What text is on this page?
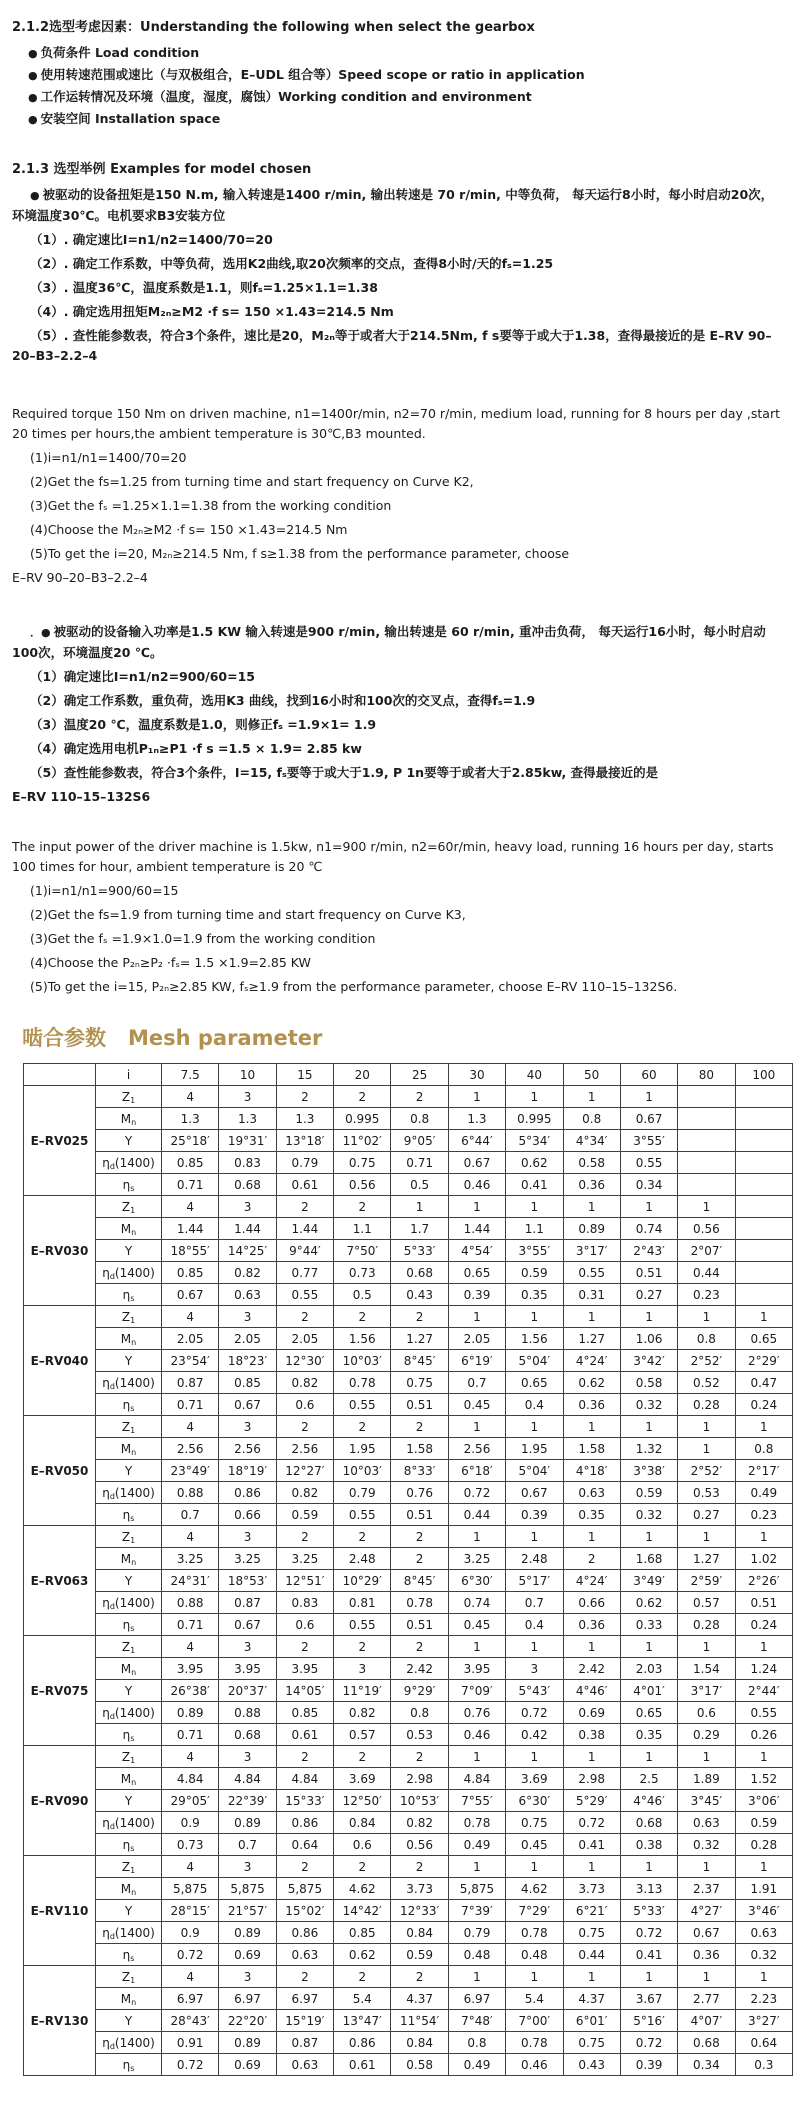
2.1.2选型考虑因素：Understanding the following when select the gearbox

● 负荷条件 Load condition

● 使用转速范围或速比（与双极组合，E–UDL 组合等）Speed scope or ratio in application

● 工作运转情况及环境（温度，湿度，腐蚀）Working condition and environment

● 安装空间 Installation space

2.1.3 选型举例 Examples for model chosen

● 被驱动的设备扭矩是150 N.m, 输入转速是1400 r/min, 输出转速是 70 r/min, 中等负荷， 每天运行8小时，每小时启动20次，环境温度30℃。电机要求B3安装方位

（1）. 确定速比I=n1/n2=1400/70=20

（2）. 确定工作系数，中等负荷，选用K2曲线,取20次频率的交点，查得8小时/天的fₛ=1.25

（3）. 温度36℃，温度系数是1.1，则fₛ=1.25×1.1=1.38

（4）. 确定选用扭矩M₂ₙ≥M2 ·f s= 150 ×1.43=214.5 Nm

（5）. 查性能参数表，符合3个条件，速比是20，M₂ₙ等于或者大于214.5Nm, f s要等于或大于1.38，查得最接近的是 E–RV 90–20–B3–2.2–4

Required torque 150 Nm on driven machine, n1=1400r/min, n2=70 r/min, medium load, running for 8 hours per day ,start 20 times per hours,the ambient temperature is 30℃,B3 mounted.

(1)i=n1/n1=1400/70=20

(2)Get the fs=1.25 from turning time and start frequency on Curve K2,

(3)Get the fₛ =1.25×1.1=1.38 from the working condition

(4)Choose the M₂ₙ≥M2 ·f s= 150 ×1.43=214.5 Nm

(5)To get the i=20, M₂ₙ≥214.5 Nm, f s≥1.38 from the performance parameter, choose

E–RV 90–20–B3–2.2–4

．● 被驱动的设备输入功率是1.5 KW 输入转速是900 r/min, 输出转速是 60 r/min, 重冲击负荷， 每天运行16小时，每小时启动100次，环境温度20 ℃。

（1）确定速比I=n1/n2=900/60=15

（2）确定工作系数，重负荷，选用K3 曲线，找到16小时和100次的交叉点，查得fₛ=1.9

（3）温度20 ℃，温度系数是1.0，则修正fₛ =1.9×1= 1.9

（4）确定选用电机P₁ₙ≥P1 ·f s =1.5 × 1.9= 2.85 kw

（5）查性能参数表，符合3个条件，I=15, fₛ要等于或大于1.9, P 1n要等于或者大于2.85kw, 查得最接近的是

E–RV 110–15–132S6

The input power of the driver machine is 1.5kw, n1=900 r/min, n2=60r/min, heavy load, running 16 hours per day, starts 100 times for hour, ambient temperature is 20 ℃

(1)i=n1/n1=900/60=15

(2)Get the fs=1.9 from turning time and start frequency on Curve K3,

(3)Get the fₛ =1.9×1.0=1.9 from the working condition

(4)Choose the P₂ₙ≥P₂ ·fₛ= 1.5 ×1.9=2.85 KW

(5)To get the i=15, P₂ₙ≥2.85 KW, fₛ≥1.9 from the performance parameter, choose E–RV 110–15–132S6.

啮合参数 Mesh parameter

	i	7.5	10	15	20	25	30	40	50	60	80	100
E–RV025	$Z_1$	4	3	2	2	2	1	1	1	1		
	$M_n$	1.3	1.3	1.3	0.995	0.8	1.3	0.995	0.8	0.67		
	Y	25°18′	19°31′	13°18′	11°02′	9°05′	6°44′	5°34′	4°34′	3°55′		
	$\eta_d(1400)$	0.85	0.83	0.79	0.75	0.71	0.67	0.62	0.58	0.55		
	$\eta_s$	0.71	0.68	0.61	0.56	0.5	0.46	0.41	0.36	0.34		
E–RV030	$Z_1$	4	3	2	2	1	1	1	1	1	1	
	$M_n$	1.44	1.44	1.44	1.1	1.7	1.44	1.1	0.89	0.74	0.56	
	Y	18°55′	14°25′	9°44′	7°50′	5°33′	4°54′	3°55′	3°17′	2°43′	2°07′	
	$\eta_d(1400)$	0.85	0.82	0.77	0.73	0.68	0.65	0.59	0.55	0.51	0.44	
	$\eta_s$	0.67	0.63	0.55	0.5	0.43	0.39	0.35	0.31	0.27	0.23	
E–RV040	$Z_1$	4	3	2	2	2	1	1	1	1	1	1
	$M_n$	2.05	2.05	2.05	1.56	1.27	2.05	1.56	1.27	1.06	0.8	0.65
	Y	23°54′	18°23′	12°30′	10°03′	8°45′	6°19′	5°04′	4°24′	3°42′	2°52′	2°29′
	$\eta_d(1400)$	0.87	0.85	0.82	0.78	0.75	0.7	0.65	0.62	0.58	0.52	0.47
	$\eta_s$	0.71	0.67	0.6	0.55	0.51	0.45	0.4	0.36	0.32	0.28	0.24
E–RV050	$Z_1$	4	3	2	2	2	1	1	1	1	1	1
	$M_n$	2.56	2.56	2.56	1.95	1.58	2.56	1.95	1.58	1.32	1	0.8
	Y	23°49′	18°19′	12°27′	10°03′	8°33′	6°18′	5°04′	4°18′	3°38′	2°52′	2°17′
	$\eta_d(1400)$	0.88	0.86	0.82	0.79	0.76	0.72	0.67	0.63	0.59	0.53	0.49
	$\eta_s$	0.7	0.66	0.59	0.55	0.51	0.44	0.39	0.35	0.32	0.27	0.23
E–RV063	$Z_1$	4	3	2	2	2	1	1	1	1	1	1
	$M_n$	3.25	3.25	3.25	2.48	2	3.25	2.48	2	1.68	1.27	1.02
	Y	24°31′	18°53′	12°51′	10°29′	8°45′	6°30′	5°17′	4°24′	3°49′	2°59′	2°26′
	$\eta_d(1400)$	0.88	0.87	0.83	0.81	0.78	0.74	0.7	0.66	0.62	0.57	0.51
	$\eta_s$	0.71	0.67	0.6	0.55	0.51	0.45	0.4	0.36	0.33	0.28	0.24
E–RV075	$Z_1$	4	3	2	2	2	1	1	1	1	1	1
	$M_n$	3.95	3.95	3.95	3	2.42	3.95	3	2.42	2.03	1.54	1.24
	Y	26°38′	20°37′	14°05′	11°19′	9°29′	7°09′	5°43′	4°46′	4°01′	3°17′	2°44′
	$\eta_d(1400)$	0.89	0.88	0.85	0.82	0.8	0.76	0.72	0.69	0.65	0.6	0.55
	$\eta_s$	0.71	0.68	0.61	0.57	0.53	0.46	0.42	0.38	0.35	0.29	0.26
E–RV090	$Z_1$	4	3	2	2	2	1	1	1	1	1	1
	$M_n$	4.84	4.84	4.84	3.69	2.98	4.84	3.69	2.98	2.5	1.89	1.52
	Y	29°05′	22°39′	15°33′	12°50′	10°53′	7°55′	6°30′	5°29′	4°46′	3°45′	3°06′
	$\eta_d(1400)$	0.9	0.89	0.86	0.84	0.82	0.78	0.75	0.72	0.68	0.63	0.59
	$\eta_s$	0.73	0.7	0.64	0.6	0.56	0.49	0.45	0.41	0.38	0.32	0.28
E–RV110	$Z_1$	4	3	2	2	2	1	1	1	1	1	1
	$M_n$	5,875	5,875	5,875	4.62	3.73	5,875	4.62	3.73	3.13	2.37	1.91
	Y	28°15′	21°57′	15°02′	14°42′	12°33′	7°39′	7°29′	6°21′	5°33′	4°27′	3°46′
	$\eta_d(1400)$	0.9	0.89	0.86	0.85	0.84	0.79	0.78	0.75	0.72	0.67	0.63
	$\eta_s$	0.72	0.69	0.63	0.62	0.59	0.48	0.48	0.44	0.41	0.36	0.32
E–RV130	$Z_1$	4	3	2	2	2	1	1	1	1	1	1
	$M_n$	6.97	6.97	6.97	5.4	4.37	6.97	5.4	4.37	3.67	2.77	2.23
	Y	28°43′	22°20′	15°19′	13°47′	11°54′	7°48′	7°00′	6°01′	5°16′	4°07′	3°27′
	$\eta_d(1400)$	0.91	0.89	0.87	0.86	0.84	0.8	0.78	0.75	0.72	0.68	0.64
	$\eta_s$	0.72	0.69	0.63	0.61	0.58	0.49	0.46	0.43	0.39	0.34	0.3
